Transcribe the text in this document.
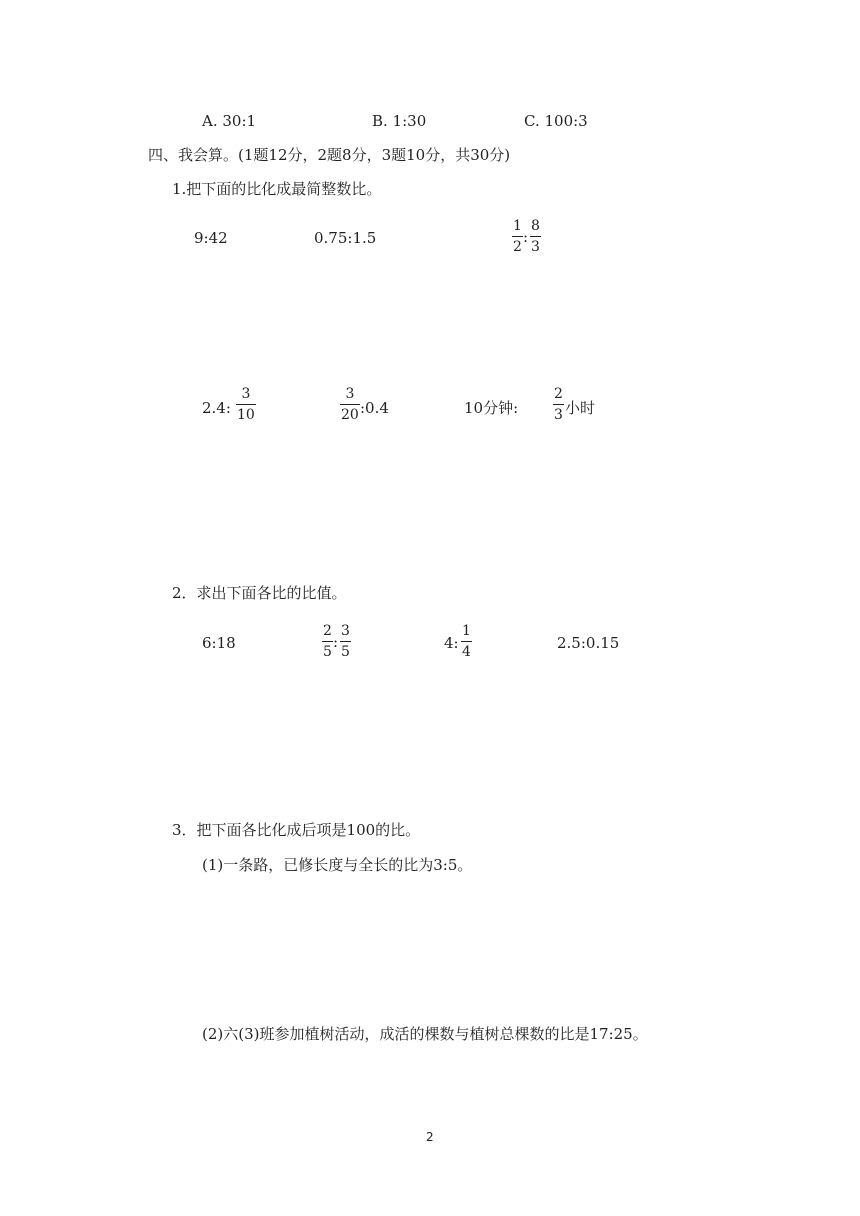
A. 30:1	B. 1:30	C. 100:3
四、我会算。(1题12分，2题8分，3题10分，共30分)
1.把下面的比化成最简整数比。
9:42	0.75:1.5
1
2
:
8
3
2.4:
3
10
3
20 :0.4	10分钟:
2
3 小时
2．求出下面各比的比值。
6:18
2
5
:
3
5	4:
1
4	2.5:0.15
3．把下面各比化成后项是100的比。
(1)一条路，已修长度与全长的比为3:5。
(2)六(3)班参加植树活动，成活的棵数与植树总棵数的比是17:25。
2
